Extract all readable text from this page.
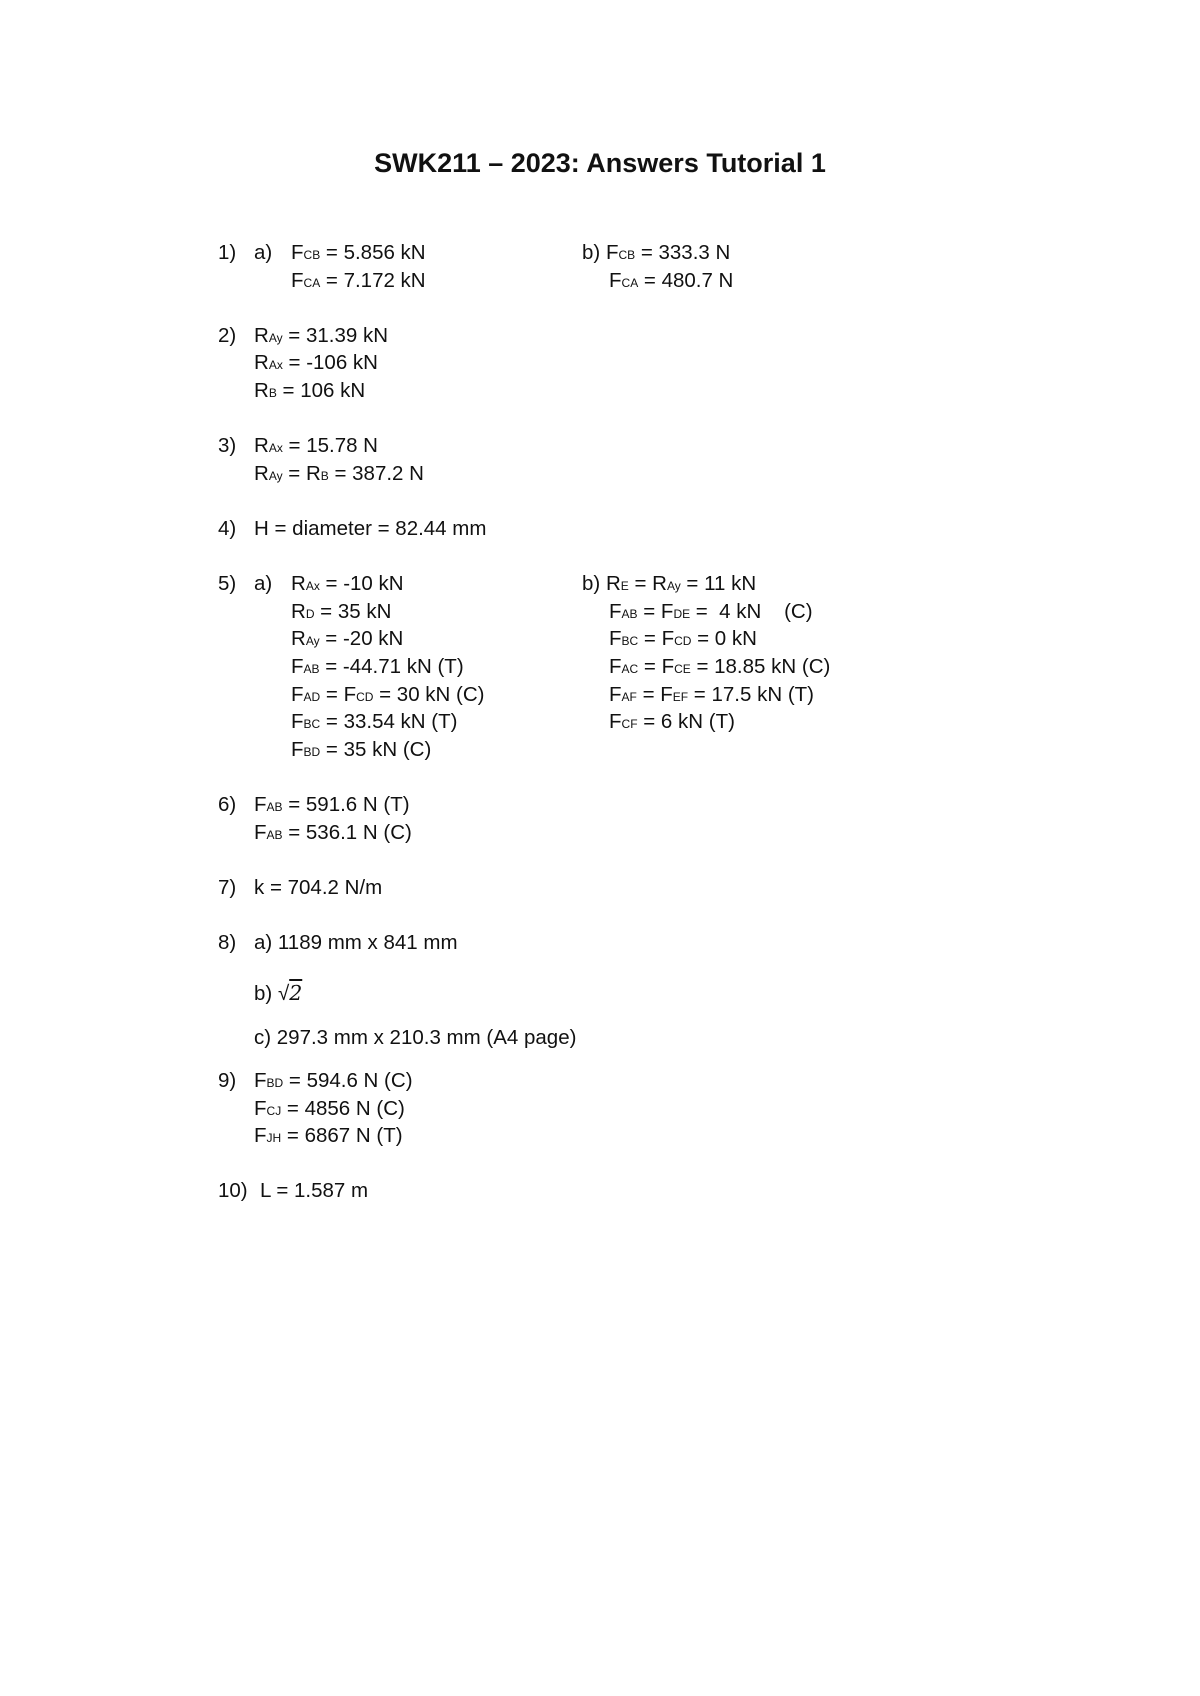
SWK211 – 2023: Answers Tutorial 1
1) a) FCB = 5.856 kN
FCA = 7.172 kN
b) FCB = 333.3 N
FCA = 480.7 N
2) RAy = 31.39 kN
RAx = -106 kN
RB = 106 kN
3) RAx = 15.78 N
RAy = RB = 387.2 N
4) H = diameter = 82.44 mm
5) a) RAx = -10 kN
RD = 35 kN
RAy = -20 kN
FAB = -44.71 kN (T)
FAD = FCD = 30 kN (C)
FBC = 33.54 kN (T)
FBD = 35 kN (C)
b) RE = RAy = 11 kN
FAB = FDE =  4 kN    (C)
FBC = FCD = 0 kN
FAC = FCE = 18.85 kN (C)
FAF = FEF = 17.5 kN (T)
FCF = 6 kN (T)
6) FAB = 591.6 N (T)
FAB = 536.1 N (C)
7) k = 704.2 N/m
8) a) 1189 mm x 841 mm
b) √2
c) 297.3 mm x 210.3 mm (A4 page)
9) FBD = 594.6 N (C)
FCJ = 4856 N (C)
FJH = 6867 N (T)
10) L = 1.587 m
